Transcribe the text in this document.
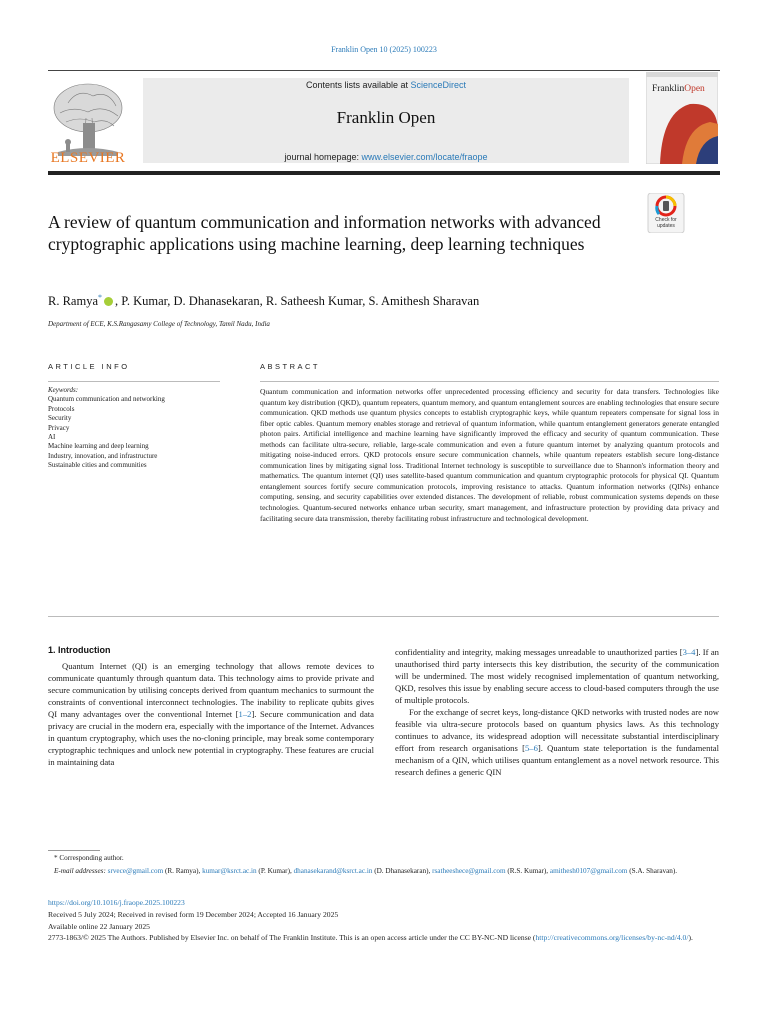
Franklin Open 10 (2025) 100223
ELSEVIER
Contents lists available at ScienceDirect
Franklin Open
journal homepage: www.elsevier.com/locate/fraope
FranklinOpen
A review of quantum communication and information networks with advanced cryptographic applications using machine learning, deep learning techniques
Check for
updates
R. Ramya* , P. Kumar, D. Dhanasekaran, R. Satheesh Kumar, S. Amithesh Sharavan
Department of ECE, K.S.Rangasamy College of Technology, Tamil Nadu, India
ARTICLE INFO	ABSTRACT
Keywords:
Quantum communication and networking
Protocols
Security
Privacy
AI
Machine learning and deep learning
Industry, innovation, and infrastructure
Sustainable cities and communities
Quantum communication and information networks offer unprecedented processing efficiency and security for data transfers. Technologies like quantum key distribution (QKD), quantum repeaters, quantum memory, and quantum entanglement sources are enabling technologies that ensure secure communication. QKD methods use quantum physics concepts to establish cryptographic keys, while quantum repeaters compensate for signal loss in fiber optic cables. Quantum memory enables storage and retrieval of quantum information, while quantum entanglement generators generate entangled photon pairs. Artificial intelligence and machine learning have significantly improved the efficacy and security of quantum communication. These methods can facilitate ultra-secure, reliable, large-scale communication and even a future quantum internet by analyzing quantum protocols and mitigating noise-induced errors. QKD protocols ensure secure communication channels, while quantum repeaters establish secure long-distance communication lines by mitigating signal loss. Traditional Internet technology is susceptible to surveillance due to Shannon's information theory and mathematics. The quantum internet (QI) uses satellite-based quantum communication and quantum cryptographic protocols for physical QI. Quantum entanglement sources fortify secure communication protocols, improving resistance to attacks. Quantum information networks (QINs) enhance computing, sensing, and security capabilities over extended distances. The development of reliable, robust communication systems depends on these technologies. Quantum-secured networks enhance urban security, smart management, and infrastructure protection by providing data privacy and facilitating secure data transmission, thereby facilitating robust infrastructure and technological development.
1. Introduction

Quantum Internet (QI) is an emerging technology that allows remote devices to communicate quantumly through quantum data. This technology aims to provide private and secure communication by utilising concepts derived from quantum mechanics to surmount the constraints of conventional interconnect technologies. The inability to replicate qubits gives QI many advantages over the conventional Internet [1–2]. Secure communication and data privacy are crucial in the modern era, especially with the importance of the Internet. Advances in quantum cryptography, which uses the no-cloning principle, may break some contemporary cryptographic techniques and unlock new potential in cryptography. These features are crucial in maintaining data

confidentiality and integrity, making messages unreadable to unauthorized parties [3–4]. If an unauthorised third party intersects this key distribution, the security of the communication will be undermined. The most widely recognised implementation of quantum networking, QKD, resolves this issue by enabling secure access to cloud-based computers through the use of multiple protocols.

For the exchange of secret keys, long-distance QKD networks with trusted nodes are now feasible via ultra-secure protocols based on quantum physics laws. As this technology continues to advance, its widespread adoption will necessitate substantial interdisciplinary effort from research organisations [5–6]. Quantum state teleportation is the fundamental mechanism of a QIN, which utilises quantum entanglement as a novel network resource. This research defines a generic QIN

* Corresponding author.
E-mail addresses: srvece@gmail.com (R. Ramya), kumar@ksrct.ac.in (P. Kumar), dhanasekarand@ksrct.ac.in (D. Dhanasekaran), rsatheeshece@gmail.com (R.S. Kumar), amithesh0107@gmail.com (S.A. Sharavan).
https://doi.org/10.1016/j.fraope.2025.100223
Received 5 July 2024; Received in revised form 19 December 2024; Accepted 16 January 2025
Available online 22 January 2025
2773-1863/© 2025 The Authors. Published by Elsevier Inc. on behalf of The Franklin Institute. This is an open access article under the CC BY-NC-ND license (http://creativecommons.org/licenses/by-nc-nd/4.0/).
